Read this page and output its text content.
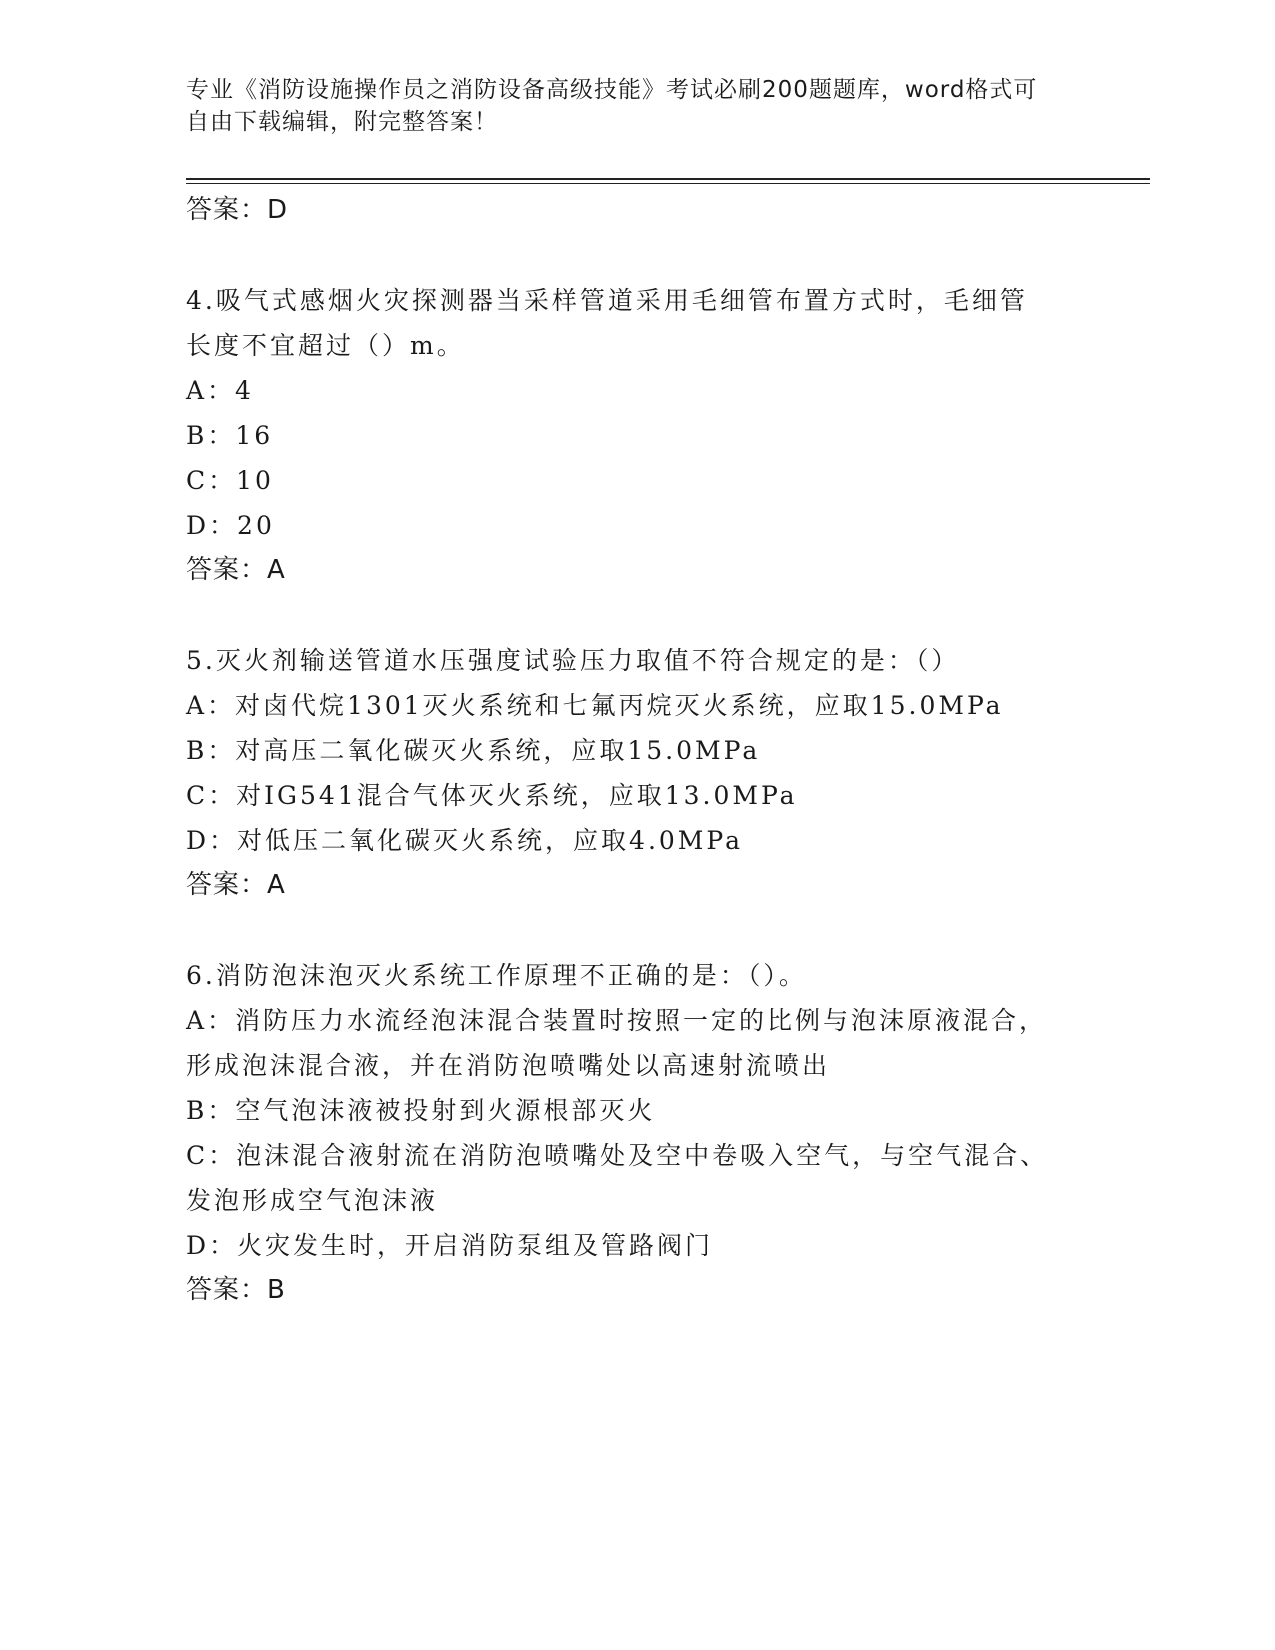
专业《消防设施操作员之消防设备高级技能》考试必刷200题题库，word格式可
自由下载编辑，附完整答案！
答案：D
4.吸气式感烟火灾探测器当采样管道采用毛细管布置方式时，毛细管
长度不宜超过（）m。
A：4
B：16
C：10
D：20
答案：A
5.灭火剂输送管道水压强度试验压力取值不符合规定的是：（）
A：对卤代烷1301灭火系统和七氟丙烷灭火系统，应取15.0MPa
B：对高压二氧化碳灭火系统，应取15.0MPa
C：对IG541混合气体灭火系统，应取13.0MPa
D：对低压二氧化碳灭火系统，应取4.0MPa
答案：A
6.消防泡沫泡灭火系统工作原理不正确的是：（）。
A：消防压力水流经泡沫混合装置时按照一定的比例与泡沫原液混合，
形成泡沫混合液，并在消防泡喷嘴处以高速射流喷出
B：空气泡沫液被投射到火源根部灭火
C：泡沫混合液射流在消防泡喷嘴处及空中卷吸入空气，与空气混合、
发泡形成空气泡沫液
D：火灾发生时，开启消防泵组及管路阀门
答案：B
